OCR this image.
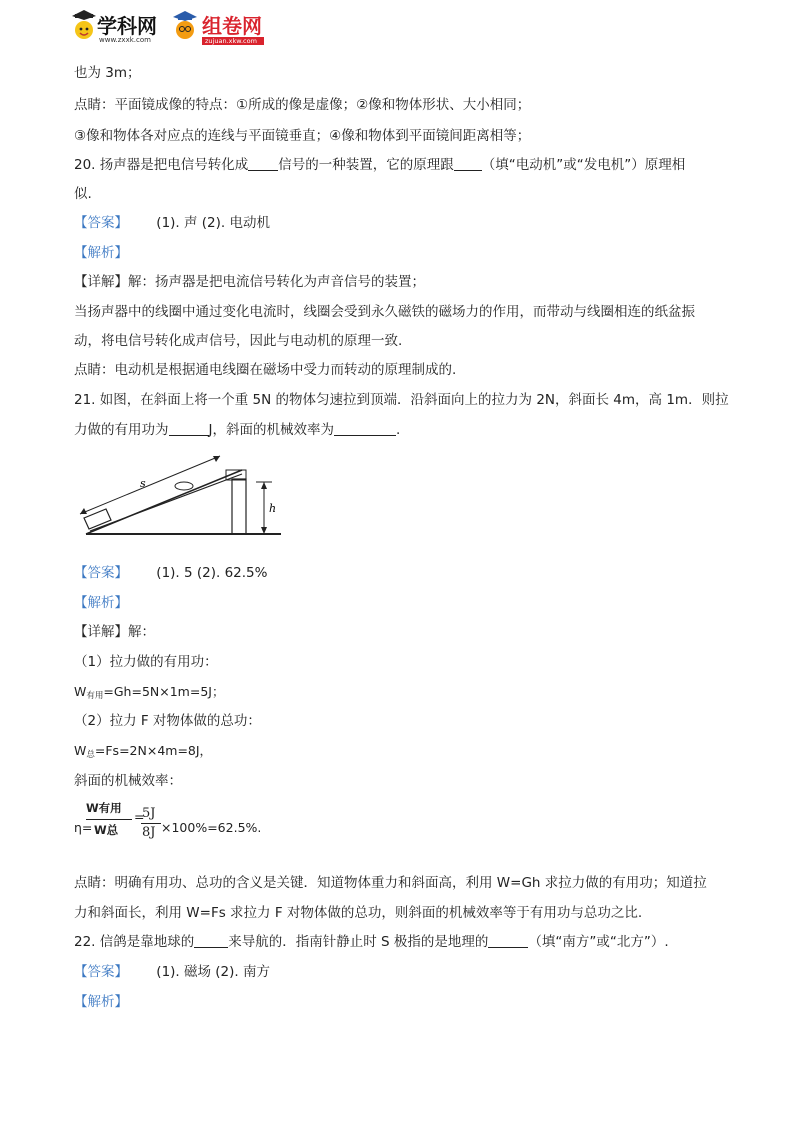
学科网
www.zxxk.com
组卷网
zujuan.xkw.com
也为 3m；
点睛：平面镜成像的特点：①所成的像是虚像；②像和物体形状、大小相同；
③像和物体各对应点的连线与平面镜垂直；④像和物体到平面镜间距离相等；
20. 扬声器是把电信号转化成 信号的一种装置，它的原理跟 （填“电动机”或“发电机”）原理相
似.
【答案】 (1). 声 (2). 电动机
【解析】
【详解】解：扬声器是把电流信号转化为声音信号的装置；
当扬声器中的线圈中通过变化电流时，线圈会受到永久磁铁的磁场力的作用，而带动与线圈相连的纸盆振
动，将电信号转化成声信号，因此与电动机的原理一致.
点睛：电动机是根据通电线圈在磁场中受力而转动的原理制成的.
21. 如图，在斜面上将一个重 5N 的物体匀速拉到顶端．沿斜面向上的拉力为 2N，斜面长 4m，高 1m．则拉
力做的有用功为	J，斜面的机械效率为	.
s
h
【答案】 (1). 5 (2). 62.5%
【解析】
【详解】解：
（1）拉力做的有用功：
$W_{有用}=Gh=5N\times 1m=5J$；
（2）拉力 F 对物体做的总功：
$W_总=Fs=2N\times 4m=8J$，
斜面的机械效率：
η=
W有用
W总
=
5J
8J ×100%=62.5%.
点睛：明确有用功、总功的含义是关键．知道物体重力和斜面高，利用 W=Gh 求拉力做的有用功；知道拉
力和斜面长，利用 W=Fs 求拉力 F 对物体做的总功，则斜面的机械效率等于有用功与总功之比.
22. 信鸽是靠地球的	来导航的．指南针静止时 S 极指的是地理的	（填“南方”或“北方”）.
【答案】 (1). 磁场 (2). 南方
【解析】
